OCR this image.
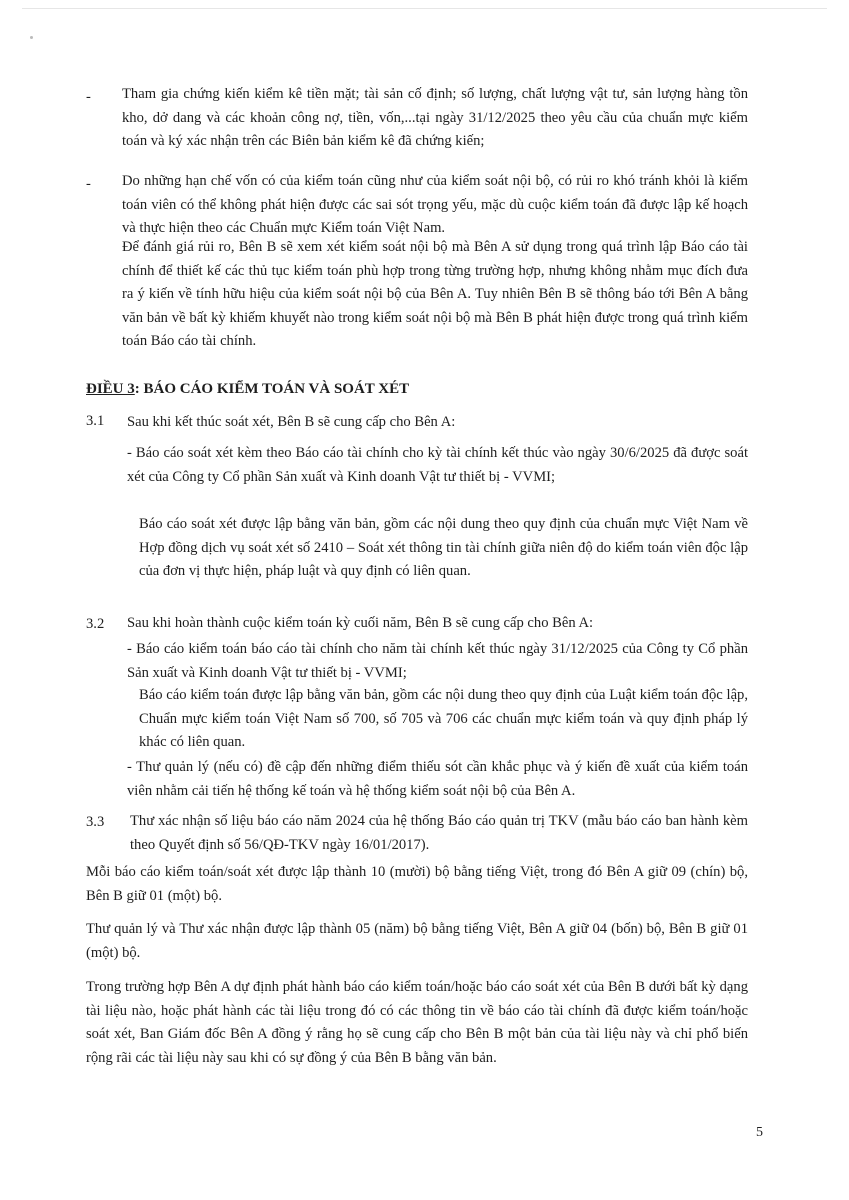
- Tham gia chứng kiến kiểm kê tiền mặt; tài sản cố định; số lượng, chất lượng vật tư, sản lượng hàng tồn kho, dở dang và các khoản công nợ, tiền, vốn,...tại ngày 31/12/2025 theo yêu cầu của chuẩn mực kiểm toán và ký xác nhận trên các Biên bản kiểm kê đã chứng kiến;
- Do những hạn chế vốn có của kiểm toán cũng như của kiểm soát nội bộ, có rủi ro khó tránh khỏi là kiểm toán viên có thể không phát hiện được các sai sót trọng yếu, mặc dù cuộc kiểm toán đã được lập kế hoạch và thực hiện theo các Chuẩn mực Kiểm toán Việt Nam.
Để đánh giá rủi ro, Bên B sẽ xem xét kiểm soát nội bộ mà Bên A sử dụng trong quá trình lập Báo cáo tài chính để thiết kế các thủ tục kiểm toán phù hợp trong từng trường hợp, nhưng không nhằm mục đích đưa ra ý kiến về tính hữu hiệu của kiểm soát nội bộ của Bên A. Tuy nhiên Bên B sẽ thông báo tới Bên A bằng văn bản về bất kỳ khiếm khuyết nào trong kiểm soát nội bộ mà Bên B phát hiện được trong quá trình kiểm toán Báo cáo tài chính.
ĐIỀU 3: BÁO CÁO KIỂM TOÁN VÀ SOÁT XÉT
3.1 Sau khi kết thúc soát xét, Bên B sẽ cung cấp cho Bên A:
- Báo cáo soát xét kèm theo Báo cáo tài chính cho kỳ tài chính kết thúc vào ngày 30/6/2025 đã được soát xét của Công ty Cổ phần Sản xuất và Kinh doanh Vật tư thiết bị - VVMI;
Báo cáo soát xét được lập bằng văn bản, gồm các nội dung theo quy định của chuẩn mực Việt Nam về Hợp đồng dịch vụ soát xét số 2410 – Soát xét thông tin tài chính giữa niên độ do kiểm toán viên độc lập của đơn vị thực hiện, pháp luật và quy định có liên quan.
3.2 Sau khi hoàn thành cuộc kiểm toán kỳ cuối năm, Bên B sẽ cung cấp cho Bên A:
- Báo cáo kiểm toán báo cáo tài chính cho năm tài chính kết thúc ngày 31/12/2025 của Công ty Cổ phần Sản xuất và Kinh doanh Vật tư thiết bị - VVMI;
Báo cáo kiểm toán được lập bằng văn bản, gồm các nội dung theo quy định của Luật kiểm toán độc lập, Chuẩn mực kiểm toán Việt Nam số 700, số 705 và 706 các chuẩn mực kiểm toán và quy định pháp lý khác có liên quan.
- Thư quản lý (nếu có) đề cập đến những điểm thiếu sót cần khắc phục và ý kiến đề xuất của kiểm toán viên nhằm cải tiến hệ thống kế toán và hệ thống kiểm soát nội bộ của Bên A.
3.3 Thư xác nhận số liệu báo cáo năm 2024 của hệ thống Báo cáo quản trị TKV (mẫu báo cáo ban hành kèm theo Quyết định số 56/QĐ-TKV ngày 16/01/2017).
Mỗi báo cáo kiểm toán/soát xét được lập thành 10 (mười) bộ bằng tiếng Việt, trong đó Bên A giữ 09 (chín) bộ, Bên B giữ 01 (một) bộ.
Thư quản lý và Thư xác nhận được lập thành 05 (năm) bộ bằng tiếng Việt, Bên A giữ 04 (bốn) bộ, Bên B giữ 01 (một) bộ.
Trong trường hợp Bên A dự định phát hành báo cáo kiểm toán/hoặc báo cáo soát xét của Bên B dưới bất kỳ dạng tài liệu nào, hoặc phát hành các tài liệu trong đó có các thông tin về báo cáo tài chính đã được kiểm toán/hoặc soát xét, Ban Giám đốc Bên A đồng ý rằng họ sẽ cung cấp cho Bên B một bản của tài liệu này và chỉ phổ biến rộng rãi các tài liệu này sau khi có sự đồng ý của Bên B bằng văn bản.
5
